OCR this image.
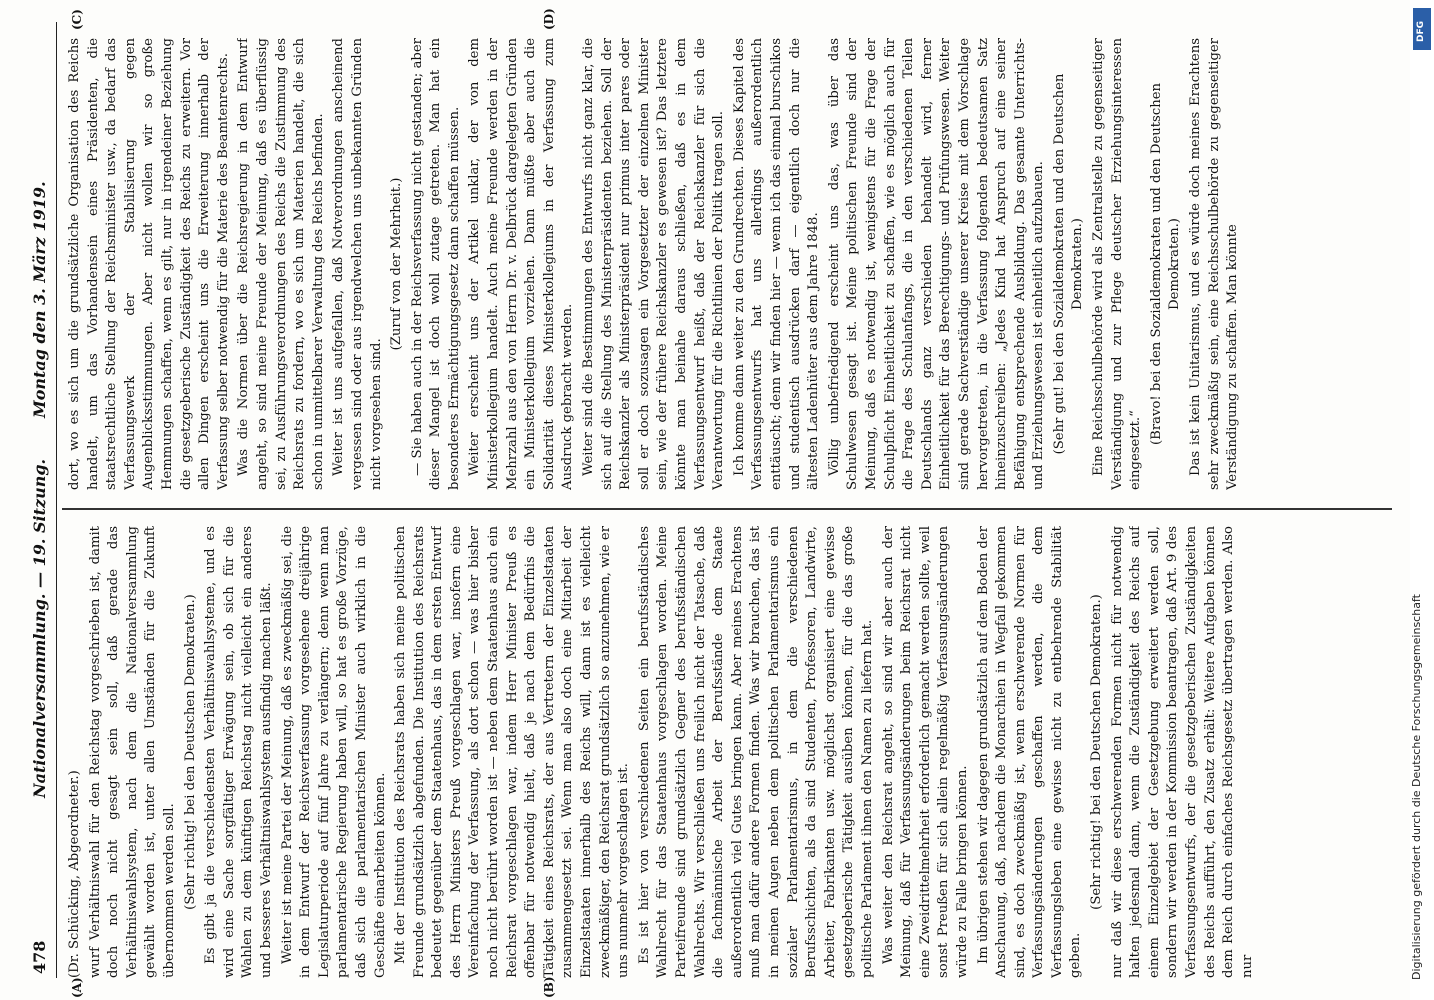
478
Nationalversammlung. — 19. Sitzung.
Montag den 3. März 1919.
(A)	(B)
(C)	(D)

(Dr. Schücking, Abgeordneter.) wurf Verhältniswahl für den Reichstag vorgeschrieben ist, damit doch noch nicht gesagt sein soll, daß gerade das Verhältniswahlsystem, nach dem die Nationalversammlung gewählt worden ist, unter allen Umständen für die Zukunft übernommen werden soll. (Sehr richtig! bei den Deutschen Demokraten.) Es gibt ja die verschiedensten Verhältniswahlsysteme, und es wird eine Sache sorgfältiger Erwägung sein, ob sich für die Wahlen zu dem künftigen Reichstag nicht vielleicht ein anderes und besseres Verhältniswahlsystem ausfindig machen läßt. Weiter ist meine Partei der Meinung, daß es zweckmäßig sei, die in dem Entwurf der Reichsverfassung vorgesehene dreijährige Legislaturperiode auf fünf Jahre zu verlängern; denn wenn man parlamentarische Regierung haben will, so hat es große Vorzüge, daß sich die parlamentarischen Minister auch wirklich in die Geschäfte einarbeiten können. Mit der Institution des Reichsrats haben sich meine politischen Freunde grundsätzlich abgefunden. Die Institution des Reichsrats bedeutet gegenüber dem Staatenhaus, das in dem ersten Entwurf des Herrn Ministers Preuß vorgeschlagen war, insofern eine Vereinfachung der Verfassung, als dort schon — was hier bisher noch nicht berührt worden ist — neben dem Staatenhaus auch ein Reichsrat vorgeschlagen war, indem Herr Minister Preuß es offenbar für notwendig hielt, daß je nach dem Bedürfnis die Tätigkeit eines Reichsrats, der aus Vertretern der Einzelstaaten zusammengesetzt sei. Wenn man also doch eine Mitarbeit der Einzelstaaten innerhalb des Reichs will, dann ist es vielleicht zweckmäßiger, den Reichsrat grundsätzlich so anzunehmen, wie er uns nunmehr vorgeschlagen ist. Es ist hier von verschiedenen Seiten ein berufsständisches Wahlrecht für das Staatenhaus vorgeschlagen worden. Meine Parteifreunde sind grundsätzlich Gegner des berufsständischen Wahlrechts. Wir verschließen uns freilich nicht der Tatsache, daß die fachmännische Arbeit der Berufsstände dem Staate außerordentlich viel Gutes bringen kann. Aber meines Erachtens muß man dafür andere Formen finden. Was wir brauchen, das ist in meinen Augen neben dem politischen Parlamentarismus ein sozialer Parlamentarismus, in dem die verschiedenen Berufsschichten, als da sind Studenten, Professoren, Landwirte, Arbeiter, Fabrikanten usw. möglichst organisiert eine gewisse gesetzgeberische Tätigkeit ausüben können, für die das große politische Parlament ihnen den Namen zu liefern hat. Was weiter den Reichsrat angeht, so sind wir aber auch der Meinung, daß für Verfassungsänderungen beim Reichsrat nicht eine Zweidrittelmehrheit erforderlich gemacht werden sollte, weil sonst Preußen für sich allein regelmäßig Verfassungsänderungen würde zu Falle bringen können. Im übrigen stehen wir dagegen grundsätzlich auf dem Boden der Anschauung, daß, nachdem die Monarchien in Wegfall gekommen sind, es doch zweckmäßig ist, wenn erschwerende Normen für Verfassungsänderungen geschaffen werden, die dem Verfassungsleben eine gewisse nicht zu entbehrende Stabilität geben.

(Sehr richtig! bei den Deutschen Demokraten.) nur daß wir diese erschwerenden Formen nicht für notwendig halten jedesmal dann, wenn die Zuständigkeit des Reichs auf einem Einzelgebiet der Gesetzgebung erweitert werden soll, sondern wir werden in der Kommission beantragen, daß Art. 9 des Verfassungsentwurfs, der die gesetzgeberischen Zuständigkeiten des Reichs aufführt, den Zusatz erhält: Weitere Aufgaben können dem Reich durch einfaches Reichsgesetz übertragen werden. Also nur

dort, wo es sich um die grundsätzliche Organisation des Reichs handelt, um das Vorhandensein eines Präsidenten, die staatsrechtliche Stellung der Reichsminister usw., da bedarf das Verfassungswerk der Stabilisierung gegen Augenblicksstimmungen. Aber nicht wollen wir so große Hemmungen schaffen, wenn es gilt, nur in irgendeiner Beziehung die gesetzgeberische Zuständigkeit des Reichs zu erweitern. Vor allen Dingen erscheint uns die Erweiterung innerhalb der Verfassung selber notwendig für die Materie des Beamtenrechts. Was die Normen über die Reichsregierung in dem Entwurf angeht, so sind meine Freunde der Meinung, daß es überflüssig sei, zu Ausführungsverordnungen des Reichs die Zustimmung des Reichsrats zu fordern, wo es sich um Materien handelt, die sich schon in unmittelbarer Verwaltung des Reichs befinden. Weiter ist uns aufgefallen, daß Notverordnungen anscheinend vergessen sind oder aus irgendwelchen uns unbekannten Gründen nicht vorgesehen sind.

(Zuruf von der Mehrheit.) — Sie haben auch in der Reichsverfassung nicht gestanden; aber dieser Mangel ist doch wohl zutage getreten. Man hat ein besonderes Ermächtigungsgesetz dann schaffen müssen. Weiter erscheint uns der Artikel unklar, der von dem Ministerkollegium handelt. Auch meine Freunde werden in der Mehrzahl aus den von Herrn Dr. v. Delbrück dargelegten Gründen ein Ministerkollegium vorziehen. Dann müßte aber auch die Solidarität dieses Ministerkollegiums in der Verfassung zum Ausdruck gebracht werden. Weiter sind die Bestimmungen des Entwurfs nicht ganz klar, die sich auf die Stellung des Ministerpräsidenten beziehen. Soll der Reichskanzler als Ministerpräsident nur primus inter pares oder soll er doch sozusagen ein Vorgesetzter der einzelnen Minister sein, wie der frühere Reichskanzler es gewesen ist? Das letztere könnte man beinahe daraus schließen, daß es in dem Verfassungsentwurf heißt, daß der Reichskanzler für sich die Verantwortung für die Richtlinien der Politik tragen soll. Ich komme dann weiter zu den Grundrechten. Dieses Kapitel des Verfassungsentwurfs hat uns allerdings außerordentlich enttäuscht; denn wir finden hier — wenn ich das einmal burschikos und studentisch ausdrücken darf — eigentlich doch nur die ältesten Ladenhüter aus dem Jahre 1848. Völlig unbefriedigend erscheint uns das, was über das Schulwesen gesagt ist. Meine politischen Freunde sind der Meinung, daß es notwendig ist, wenigstens für die Frage der Schulpflicht Einheitlichkeit zu schaffen, wie es möglich auch für die Frage des Schulanfangs, die in den verschiedenen Teilen Deutschlands ganz verschieden behandelt wird, ferner Einheitlichkeit für das Berechtigungs- und Prüfungswesen. Weiter sind gerade Sachverständige unserer Kreise mit dem Vorschlage hervorgetreten, in die Verfassung folgenden bedeutsamen Satz hineinzuschreiben: „Jedes Kind hat Anspruch auf eine seiner Befähigung entsprechende Ausbildung. Das gesamte Unterrichts- und Erziehungswesen ist einheitlich aufzubauen. (Sehr gut! bei den Sozialdemokraten und den Deutschen Demokraten.) Eine Reichsschulbehörde wird als Zentralstelle zu gegenseitiger Verständigung und zur Pflege deutscher Erziehungsinteressen eingesetzt.“

(Bravo! bei den Sozialdemokraten und den Deutschen Demokraten.) Das ist kein Unitarismus, und es würde doch meines Erachtens sehr zweckmäßig sein, eine Reichsschulbehörde zu gegenseitiger Verständigung zu schaffen. Man könnte

Digitalisierung gefördert durch die Deutsche Forschungsgemeinschaft
DFG
